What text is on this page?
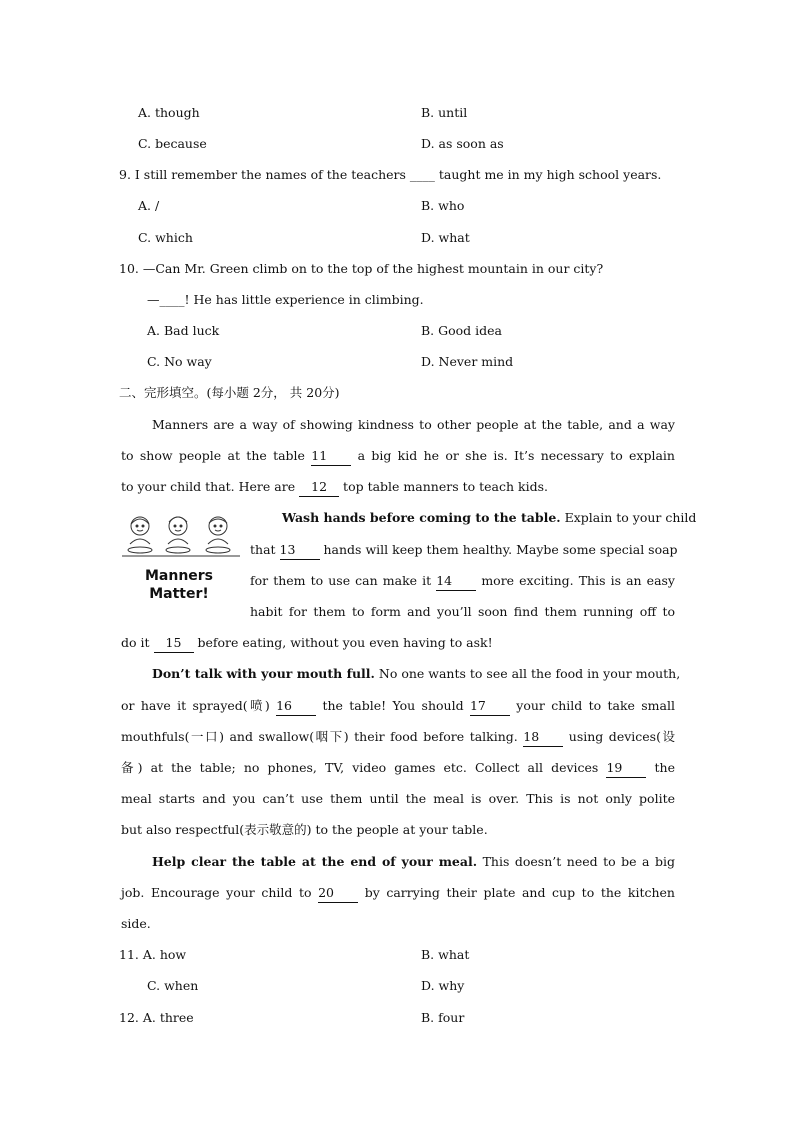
A. though	B. until
C. because	D. as soon as
9. I still remember the names of the teachers ____ taught me in my high school years.
A. /	B. who
C. which	D. what
10. —Can Mr. Green climb on to the top of the highest mountain in our city?
—____! He has little experience in climbing.
A. Bad luck	B. Good idea
C. No way	D. Never mind
二、完形填空。(每小题 2分， 共 20分)
Manners are a way of showing kindness to other people at the table, and a way
to show people at the table 11 a big kid he or she is. It’s necessary to explain
to your child that. Here are 12 top table manners to teach kids.
Manners
Matter!
Wash hands before coming to the table. Explain to your child
that 13 hands will keep them healthy. Maybe some special soap
for them to use can make it 14 more exciting. This is an easy
habit for them to form and you’ll soon find them running off to
do it 15 before eating, without you even having to ask!
Don’t talk with your mouth full. No one wants to see all the food in your mouth,
or have it sprayed(喷) 16 the table! You should 17 your child to take small
mouthfuls(一口) and swallow(咽下) their food before talking. 18 using devices(设
备) at the table; no phones, TV, video games etc. Collect all devices 19 the
meal starts and you can’t use them until the meal is over. This is not only polite
but also respectful(表示敬意的) to the people at your table.
Help clear the table at the end of your meal. This doesn’t need to be a big
job. Encourage your child to 20 by carrying their plate and cup to the kitchen
side.
11. A. how	B. what
C. when	D. why
12. A. three	B. four
